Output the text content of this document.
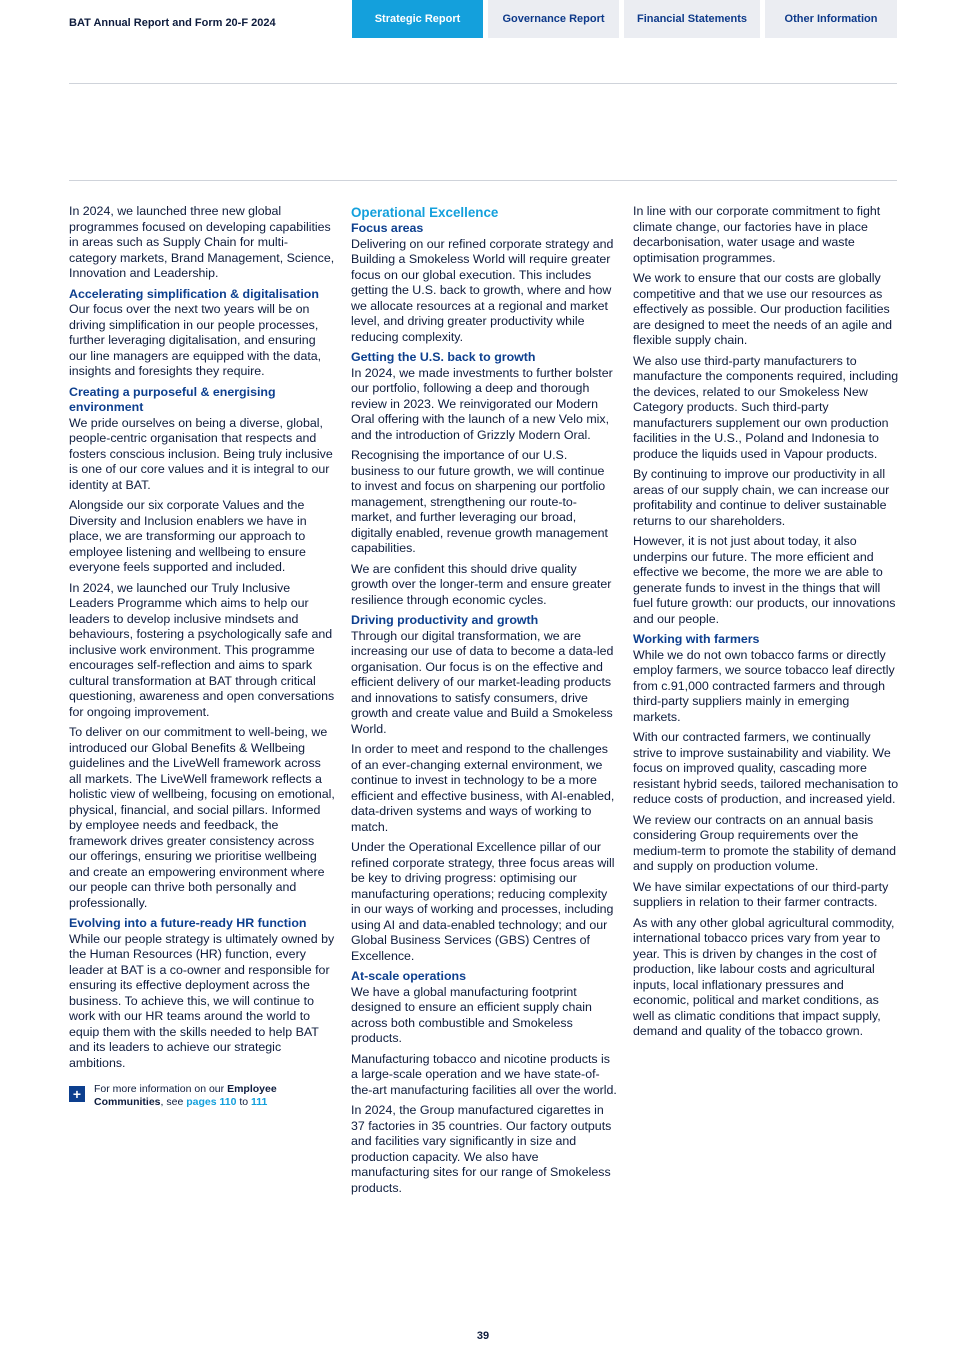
BAT Annual Report and Form 20-F 2024	Strategic Report	Governance Report	Financial Statements	Other Information

In 2024, we launched three new global programmes focused on developing capabilities in areas such as Supply Chain for multi-category markets, Brand Management, Science, Innovation and Leadership.

Accelerating simplification & digitalisation

Our focus over the next two years will be on driving simplification in our people processes, further leveraging digitalisation, and ensuring our line managers are equipped with the data, insights and foresights they require.

Creating a purposeful & energising environment

We pride ourselves on being a diverse, global, people-centric organisation that respects and fosters conscious inclusion. Being truly inclusive is one of our core values and it is integral to our identity at BAT.

Alongside our six corporate Values and the Diversity and Inclusion enablers we have in place, we are transforming our approach to employee listening and wellbeing to ensure everyone feels supported and included.

In 2024, we launched our Truly Inclusive Leaders Programme which aims to help our leaders to develop inclusive mindsets and behaviours, fostering a psychologically safe and inclusive work environment. This programme encourages self-reflection and aims to spark cultural transformation at BAT through critical questioning, awareness and open conversations for ongoing improvement.

To deliver on our commitment to well-being, we introduced our Global Benefits & Wellbeing guidelines and the LiveWell framework across all markets. The LiveWell framework reflects a holistic view of wellbeing, focusing on emotional, physical, financial, and social pillars. Informed by employee needs and feedback, the framework drives greater consistency across our offerings, ensuring we prioritise wellbeing and create an empowering environment where our people can thrive both personally and professionally.

Evolving into a future-ready HR function

While our people strategy is ultimately owned by the Human Resources (HR) function, every leader at BAT is a co-owner and responsible for ensuring its effective deployment across the business. To achieve this, we will continue to work with our HR teams around the world to equip them with the skills needed to help BAT and its leaders to achieve our strategic ambitions.

+	For more information on our Employee Communities, see pages 110 to 111
Operational Excellence
Focus areas

Delivering on our refined corporate strategy and Building a Smokeless World will require greater focus on our global execution. This includes getting the U.S. back to growth, where and how we allocate resources at a regional and market level, and driving greater productivity while reducing complexity.

Getting the U.S. back to growth

In 2024, we made investments to further bolster our portfolio, following a deep and thorough review in 2023. We reinvigorated our Modern Oral offering with the launch of a new Velo mix, and the introduction of Grizzly Modern Oral.

Recognising the importance of our U.S. business to our future growth, we will continue to invest and focus on sharpening our portfolio management, strengthening our route-to-market, and further leveraging our broad, digitally enabled, revenue growth management capabilities.

We are confident this should drive quality growth over the longer-term and ensure greater resilience through economic cycles.

Driving productivity and growth

Through our digital transformation, we are increasing our use of data to become a data-led organisation. Our focus is on the effective and efficient delivery of our market-leading products and innovations to satisfy consumers, drive growth and create value and Build a Smokeless World.

In order to meet and respond to the challenges of an ever-changing external environment, we continue to invest in technology to be a more efficient and effective business, with AI-enabled, data-driven systems and ways of working to match.

Under the Operational Excellence pillar of our refined corporate strategy, three focus areas will be key to driving progress: optimising our manufacturing operations; reducing complexity in our ways of working and processes, including using AI and data-enabled technology; and our Global Business Services (GBS) Centres of Excellence.

At-scale operations

We have a global manufacturing footprint designed to ensure an efficient supply chain across both combustible and Smokeless products.

Manufacturing tobacco and nicotine products is a large-scale operation and we have state-of-the-art manufacturing facilities all over the world.

In 2024, the Group manufactured cigarettes in 37 factories in 35 countries. Our factory outputs and facilities vary significantly in size and production capacity. We also have manufacturing sites for our range of Smokeless products.

In line with our corporate commitment to fight climate change, our factories have in place decarbonisation, water usage and waste optimisation programmes.

We work to ensure that our costs are globally competitive and that we use our resources as effectively as possible. Our production facilities are designed to meet the needs of an agile and flexible supply chain.

We also use third-party manufacturers to manufacture the components required, including the devices, related to our Smokeless New Category products. Such third-party manufacturers supplement our own production facilities in the U.S., Poland and Indonesia to produce the liquids used in Vapour products.

By continuing to improve our productivity in all areas of our supply chain, we can increase our profitability and continue to deliver sustainable returns to our shareholders.

However, it is not just about today, it also underpins our future. The more efficient and effective we become, the more we are able to generate funds to invest in the things that will fuel future growth: our products, our innovations and our people.

Working with farmers

While we do not own tobacco farms or directly employ farmers, we source tobacco leaf directly from c.91,000 contracted farmers and through third-party suppliers mainly in emerging markets.

With our contracted farmers, we continually strive to improve sustainability and viability. We focus on improved quality, cascading more resistant hybrid seeds, tailored mechanisation to reduce costs of production, and increased yield.

We review our contracts on an annual basis considering Group requirements over the medium-term to promote the stability of demand and supply on production volume.

We have similar expectations of our third-party suppliers in relation to their farmer contracts.

As with any other global agricultural commodity, international tobacco prices vary from year to year. This is driven by changes in the cost of production, like labour costs and agricultural inputs, local inflationary pressures and economic, political and market conditions, as well as climatic conditions that impact supply, demand and quality of the tobacco grown.

39
